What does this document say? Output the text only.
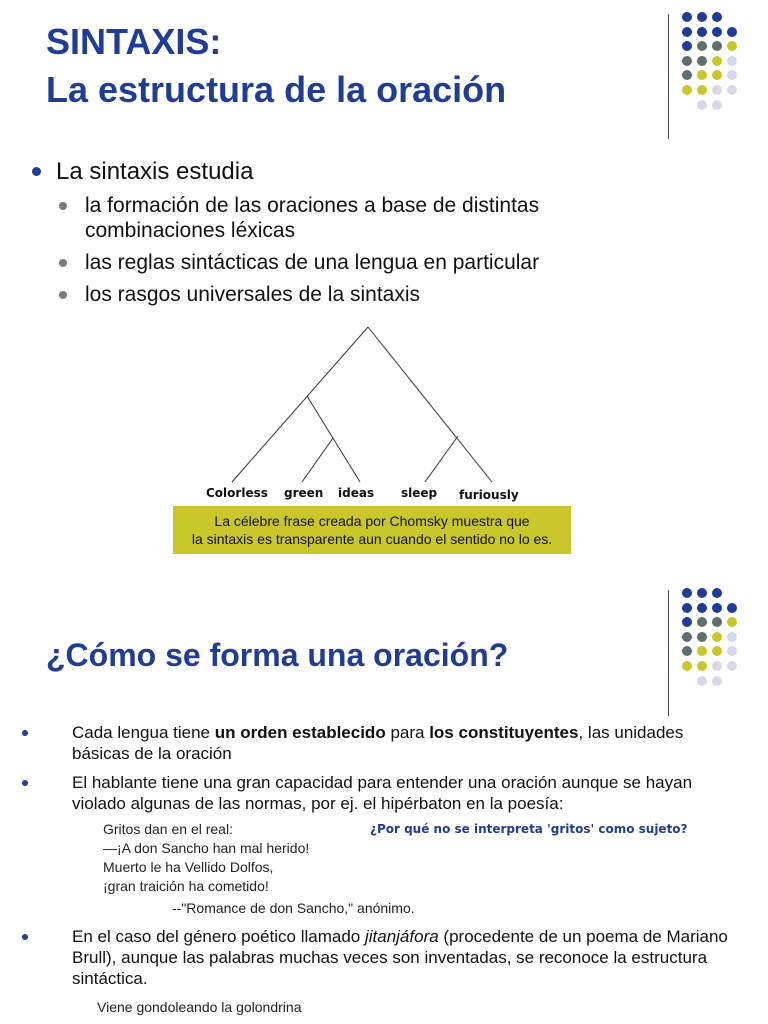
SINTAXIS:
La estructura de la oración
La sintaxis estudia
la formación de las oraciones a base de distintas combinaciones léxicas
las reglas sintácticas de una lengua en particular
los rasgos universales de la sintaxis
Colorless green ideas sleep furiously
La célebre frase creada por Chomsky muestra que
la sintaxis es transparente aun cuando el sentido no lo es.
¿Cómo se forma una oración?
Cada lengua tiene un orden establecido para los constituyentes, las unidades básicas de la oración
El hablante tiene una gran capacidad para entender una oración aunque se hayan violado algunas de las normas, por ej. el hipérbaton en la poesía:
Gritos dan en el real:
—¡A don Sancho han mal herido!
Muerto le ha Vellido Dolfos,
¡gran traición ha cometido!
--"Romance de don Sancho," anónimo.
¿Por qué no se interpreta 'gritos' como sujeto?
En el caso del género poético llamado jitanjáfora (procedente de un poema de Mariano Brull), aunque las palabras muchas veces son inventadas, se reconoce la estructura sintáctica.
Viene gondoleando la golondrina
